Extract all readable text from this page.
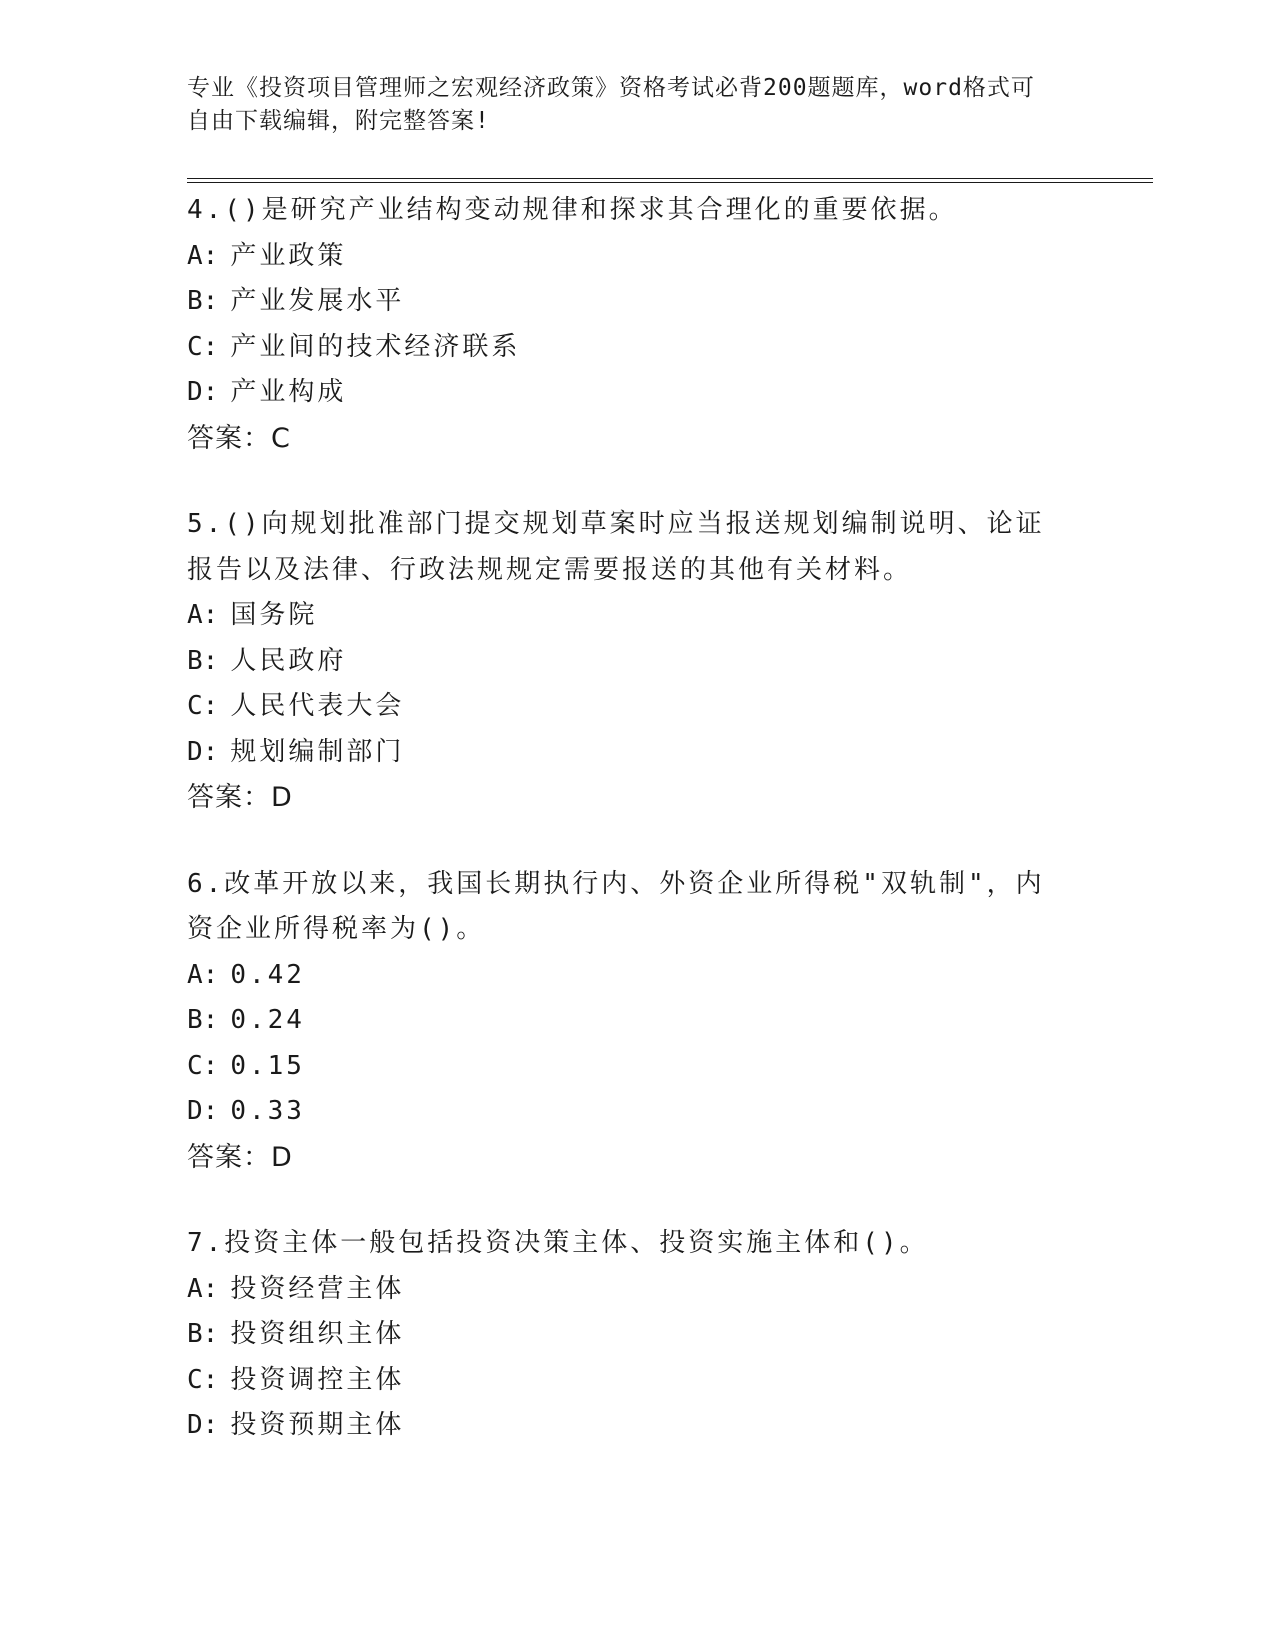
专业《投资项目管理师之宏观经济政策》资格考试必背200题题库，word格式可
自由下载编辑，附完整答案!

4.()是研究产业结构变动规律和探求其合理化的重要依据。

A: 产业政策

B: 产业发展水平

C: 产业间的技术经济联系

D: 产业构成

答案：C

5.()向规划批准部门提交规划草案时应当报送规划编制说明、论证报告以及法律、行政法规规定需要报送的其他有关材料。

A: 国务院

B: 人民政府

C: 人民代表大会

D: 规划编制部门

答案：D

6.改革开放以来，我国长期执行内、外资企业所得税"双轨制"，内资企业所得税率为()。

A: 0.42

B: 0.24

C: 0.15

D: 0.33

答案：D

7.投资主体一般包括投资决策主体、投资实施主体和()。

A: 投资经营主体

B: 投资组织主体

C: 投资调控主体

D: 投资预期主体
